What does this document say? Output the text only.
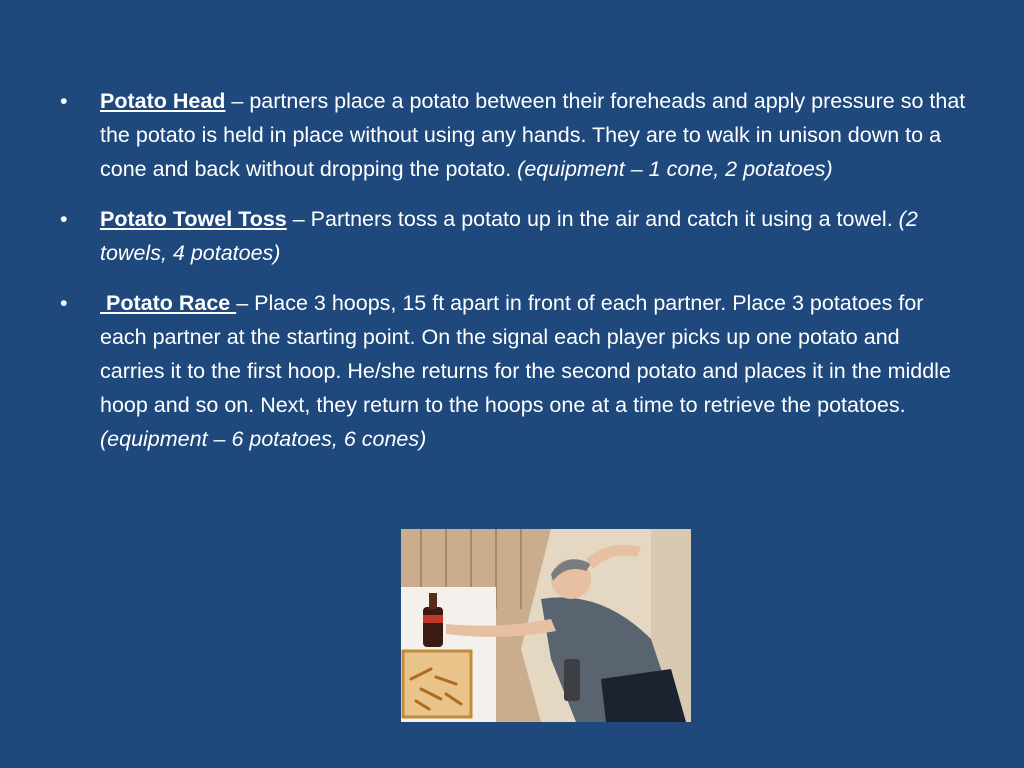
•	Potato Head – partners place a potato between their foreheads and apply pressure so that the potato is held in place without using any hands. They are to walk in unison down to a cone and back without dropping the potato. (equipment – 1 cone, 2 potatoes)
•	Potato Towel Toss – Partners toss a potato up in the air and catch it using a towel. (2 towels, 4 potatoes)
•	Potato Race – Place 3 hoops, 15 ft apart in front of each partner. Place 3 potatoes for each partner at the starting point. On the signal each player picks up one potato and carries it to the first hoop. He/she returns for the second potato and places it in the middle hoop and so on. Next, they return to the hoops one at a time to retrieve the potatoes. (equipment – 6 potatoes, 6 cones)
